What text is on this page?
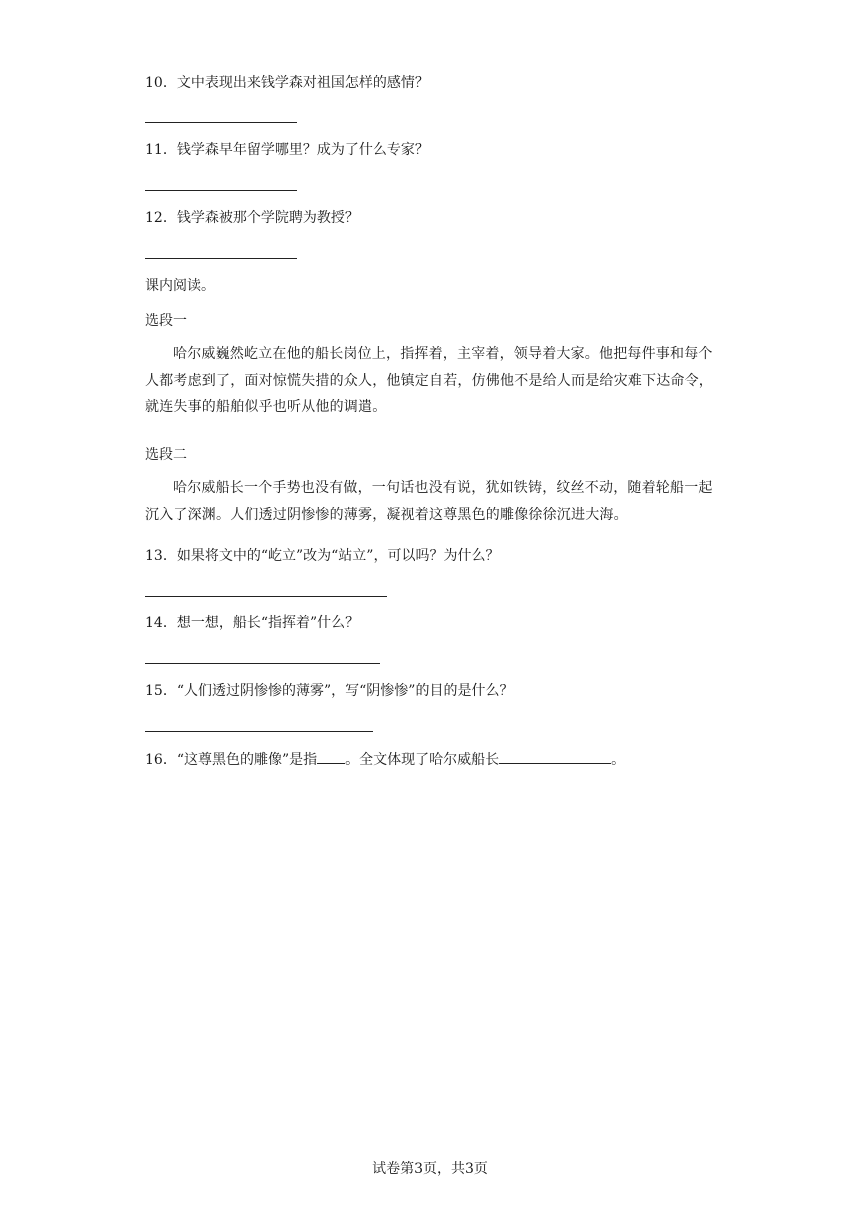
10．文中表现出来钱学森对祖国怎样的感情？
11．钱学森早年留学哪里？成为了什么专家？
12．钱学森被那个学院聘为教授？
课内阅读。
选段一
哈尔威巍然屹立在他的船长岗位上，指挥着，主宰着，领导着大家。他把每件事和每个人都考虑到了，面对惊慌失措的众人，他镇定自若，仿佛他不是给人而是给灾难下达命令，就连失事的船舶似乎也听从他的调遣。
选段二
哈尔威船长一个手势也没有做，一句话也没有说，犹如铁铸，纹丝不动，随着轮船一起沉入了深渊。人们透过阴惨惨的薄雾，凝视着这尊黑色的雕像徐徐沉进大海。
13．如果将文中的“屹立”改为“站立”，可以吗？为什么？
14．想一想，船长“指挥着”什么？
15．“人们透过阴惨惨的薄雾”，写“阴惨惨”的目的是什么？
16．“这尊黑色的雕像”是指 。全文体现了哈尔威船长	。
试卷第3页，共3页
